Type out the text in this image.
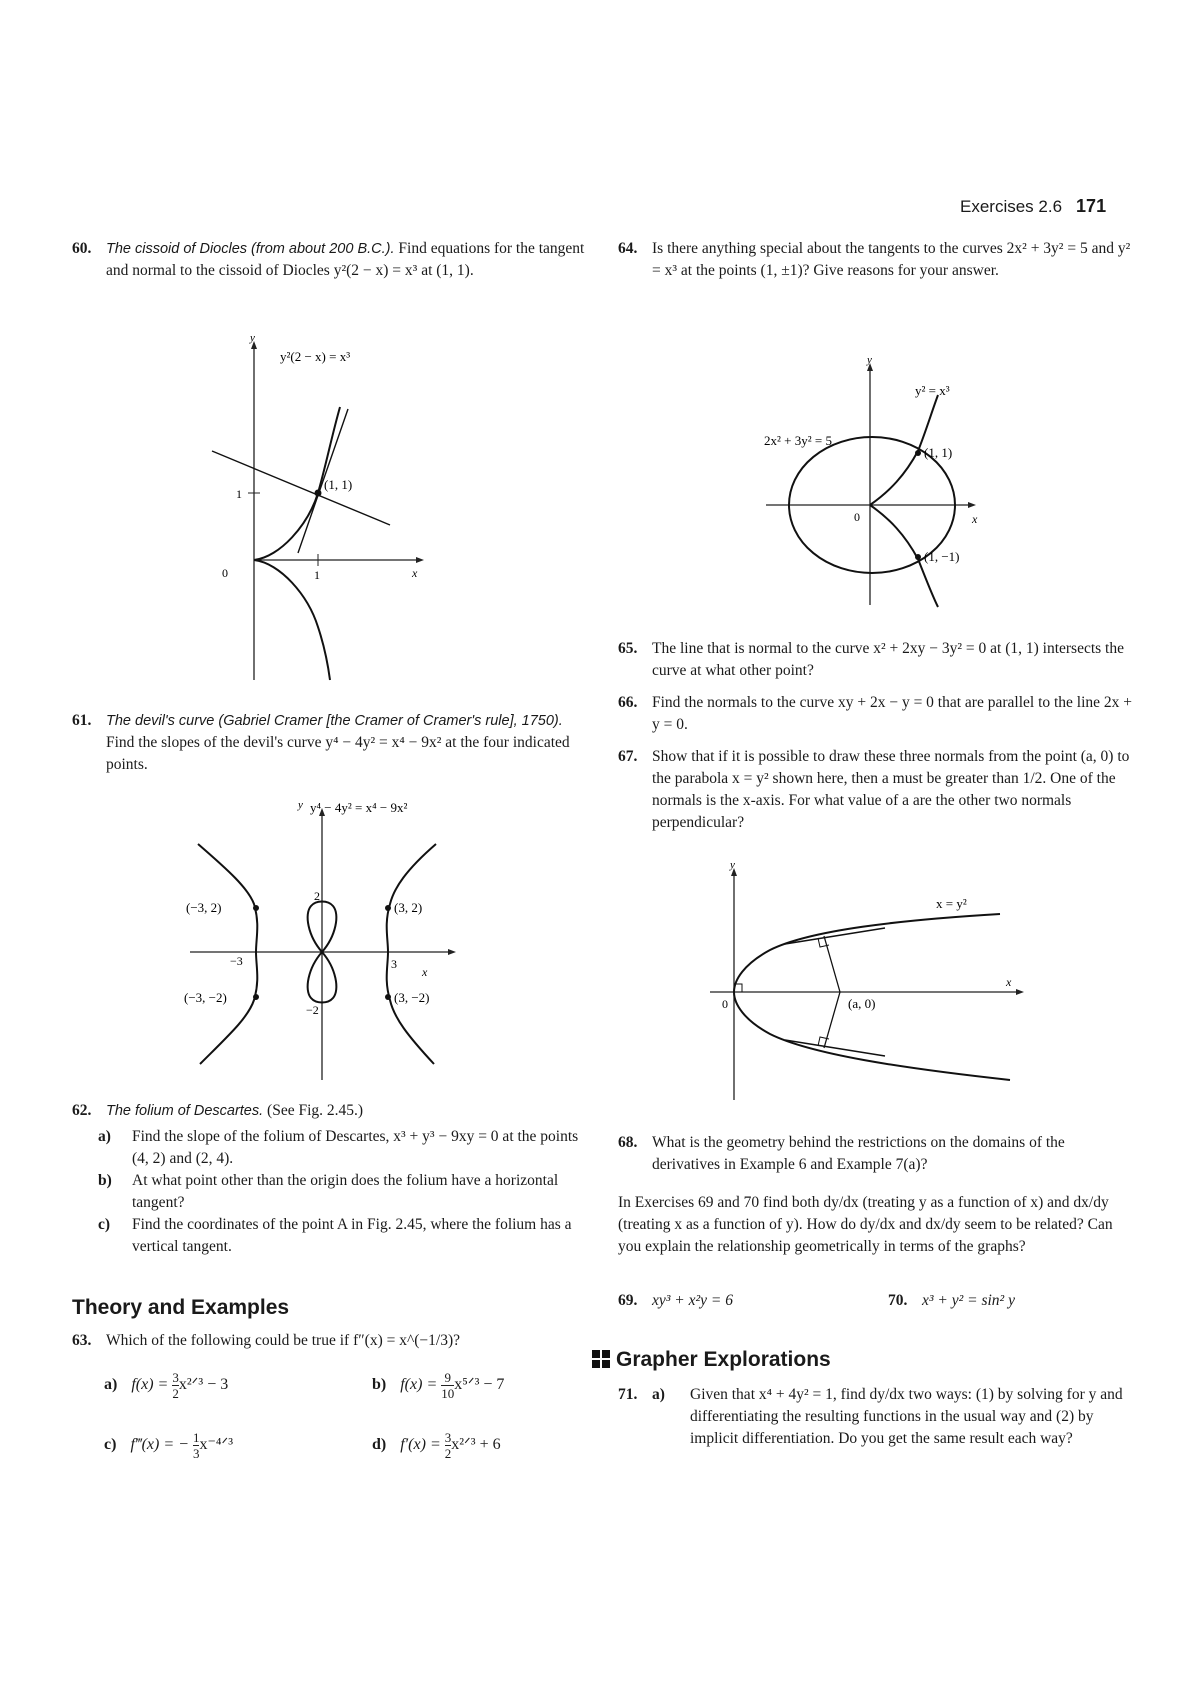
Exercises 2.6 171
60. The cissoid of Diocles (from about 200 B.C.). Find equations for the tangent and normal to the cissoid of Diocles y²(2 − x) = x³ at (1, 1).
y
x
y²(2 − x) = x³
(1, 1)
0	1
1
61. The devil's curve (Gabriel Cramer [the Cramer of Cramer's rule], 1750). Find the slopes of the devil's curve y⁴ − 4y² = x⁴ − 9x² at the four indicated points.
y y⁴ − 4y² = x⁴ − 9x²
x
(−3, 2)	(3, 2)
(−3, −2)	(3, −2)
2
−2
3
−3
62. The folium of Descartes. (See Fig. 2.45.)
a) Find the slope of the folium of Descartes, x³ + y³ − 9xy = 0 at the points (4, 2) and (2, 4).
b) At what point other than the origin does the folium have a horizontal tangent?
c) Find the coordinates of the point A in Fig. 2.45, where the folium has a vertical tangent.
Theory and Examples
63. Which of the following could be true if f″(x) = x^(−1/3)?
a) $f(x) = \frac{3}{2}$ x²ᐟ³ − 3	b) $f(x) = \frac{9}{10}$ x⁵ᐟ³ − 7
c) f‴(x) = − $\frac{1}{3}$ x⁻⁴ᐟ³	d) $f'(x) = \frac{3}{2}$ x²ᐟ³ + 6
64. Is there anything special about the tangents to the curves 2x² + 3y² = 5 and y² = x³ at the points (1, ±1)? Give reasons for your answer.
y
x
y² = x³
2x² + 3y² = 5
(1, 1)
(1, −1)
0
65. The line that is normal to the curve x² + 2xy − 3y² = 0 at (1, 1) intersects the curve at what other point?
66. Find the normals to the curve xy + 2x − y = 0 that are parallel to the line 2x + y = 0.
67. Show that if it is possible to draw these three normals from the point (a, 0) to the parabola x = y² shown here, then a must be greater than 1/2. One of the normals is the x-axis. For what value of a are the other two normals perpendicular?
y
x
x = y²
(a, 0)
0
68. What is the geometry behind the restrictions on the domains of the derivatives in Example 6 and Example 7(a)?
In Exercises 69 and 70 find both dy/dx (treating y as a function of x) and dx/dy (treating x as a function of y). How do dy/dx and dx/dy seem to be related? Can you explain the relationship geometrically in terms of the graphs?
69. xy³ + x²y = 6	70. x³ + y² = sin² y
Grapher Explorations
71. a) Given that x⁴ + 4y² = 1, find dy/dx two ways: (1) by solving for y and differentiating the resulting functions in the usual way and (2) by implicit differentiation. Do you get the same result each way?
